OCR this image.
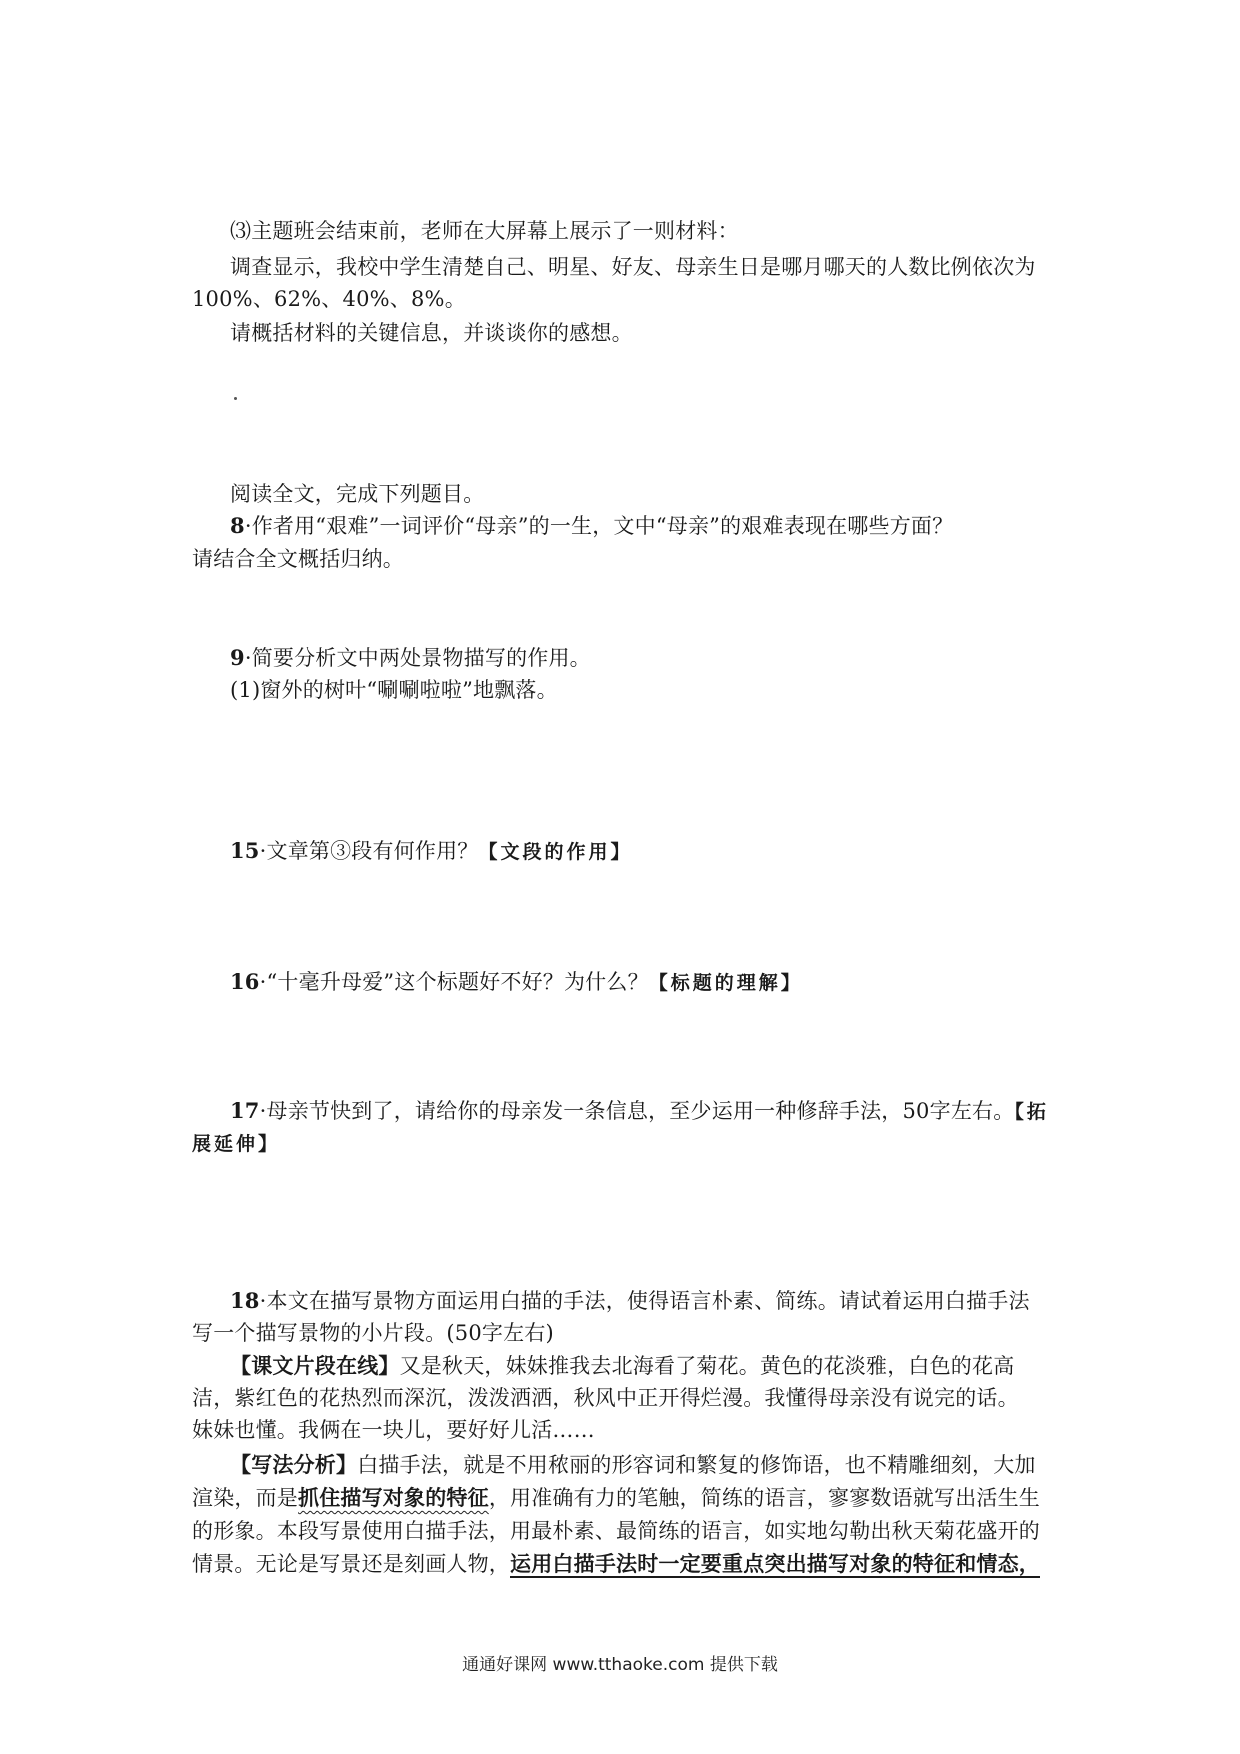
⑶主题班会结束前，老师在大屏幕上展示了一则材料：
调查显示，我校中学生清楚自己、明星、好友、母亲生日是哪月哪天的人数比例依次为
100%、62%、40%、8%。
请概括材料的关键信息，并谈谈你的感想。
阅读全文，完成下列题目。
8·作者用“艰难”一词评价“母亲”的一生，文中“母亲”的艰难表现在哪些方面？
请结合全文概括归纳。
9·简要分析文中两处景物描写的作用。
(1)窗外的树叶“唰唰啦啦”地飘落。
15·文章第③段有何作用？【文段的作用】
16·“十毫升母爱”这个标题好不好？为什么？【标题的理解】
17·母亲节快到了，请给你的母亲发一条信息，至少运用一种修辞手法，50字左右。【拓
展延伸】
18·本文在描写景物方面运用白描的手法，使得语言朴素、简练。请试着运用白描手法
写一个描写景物的小片段。(50字左右)
【课文片段在线】又是秋天，妹妹推我去北海看了菊花。黄色的花淡雅，白色的花高
洁，紫红色的花热烈而深沉，泼泼洒洒，秋风中正开得烂漫。我懂得母亲没有说完的话。
妹妹也懂。我俩在一块儿，要好好儿活……
【写法分析】白描手法，就是不用秾丽的形容词和繁复的修饰语，也不精雕细刻，大加
渲染，而是抓住描写对象的特征，用准确有力的笔触，简练的语言，寥寥数语就写出活生生
的形象。本段写景使用白描手法，用最朴素、最简练的语言，如实地勾勒出秋天菊花盛开的
情景。无论是写景还是刻画人物，运用白描手法时一定要重点突出描写对象的特征和情态，
通通好课网 www.tthaoke.com 提供下载
